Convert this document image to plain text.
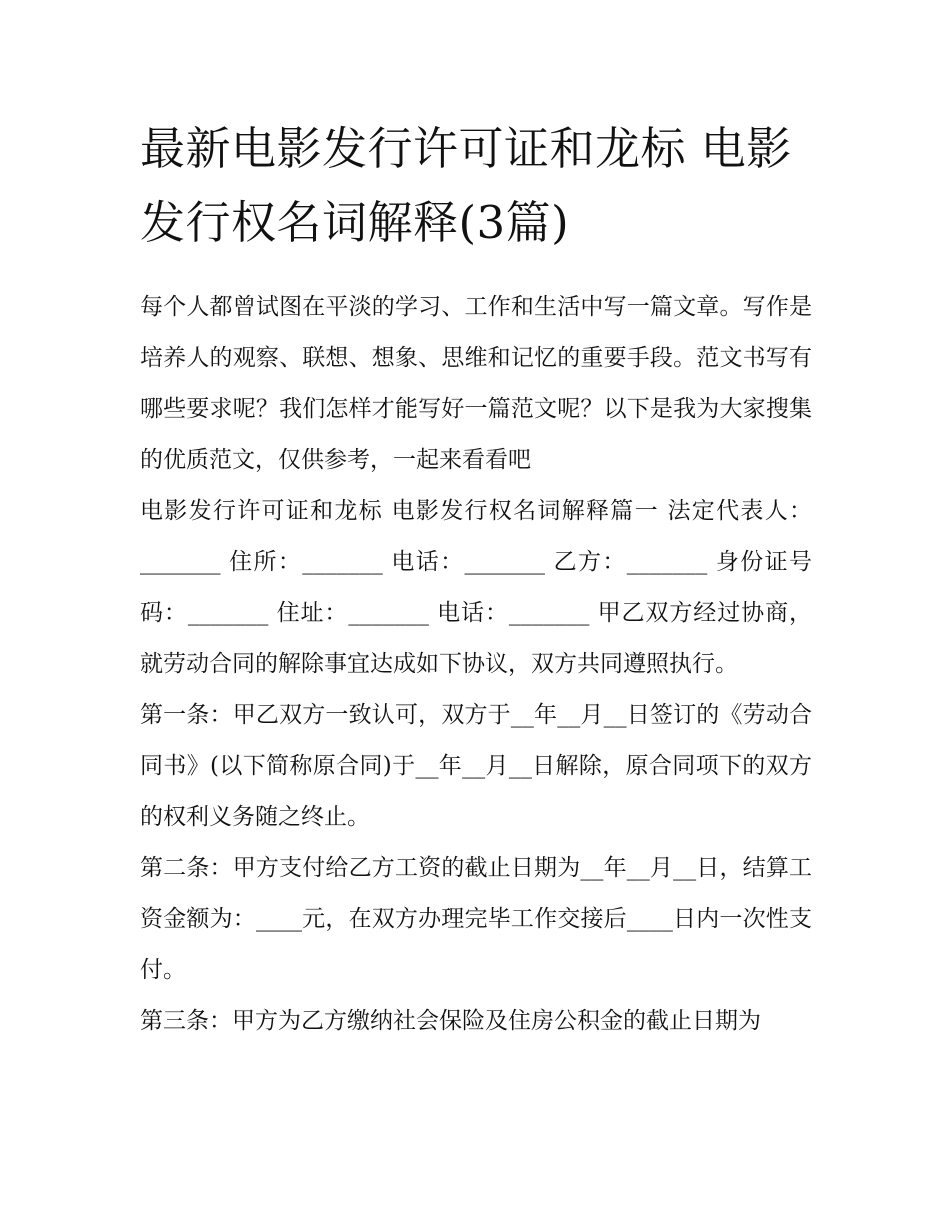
最新电影发行许可证和龙标 电影发行权名词解释(3篇)

每个人都曾试图在平淡的学习、工作和生活中写一篇文章。写作是培养人的观察、联想、想象、思维和记忆的重要手段。范文书写有哪些要求呢？我们怎样才能写好一篇范文呢？以下是我为大家搜集的优质范文，仅供参考，一起来看看吧

电影发行许可证和龙标 电影发行权名词解释篇一 法定代表人：_______ 住所：_______ 电话：_______ 乙方：_______ 身份证号码：_______ 住址：_______ 电话：_______ 甲乙双方经过协商，就劳动合同的解除事宜达成如下协议，双方共同遵照执行。

第一条：甲乙双方一致认可，双方于__年__月__日签订的《劳动合同书》(以下简称原合同)于__年__月__日解除，原合同项下的双方的权利义务随之终止。

第二条：甲方支付给乙方工资的截止日期为__年__月__日，结算工资金额为：____元，在双方办理完毕工作交接后____日内一次性支付。

第三条：甲方为乙方缴纳社会保险及住房公积金的截止日期为
